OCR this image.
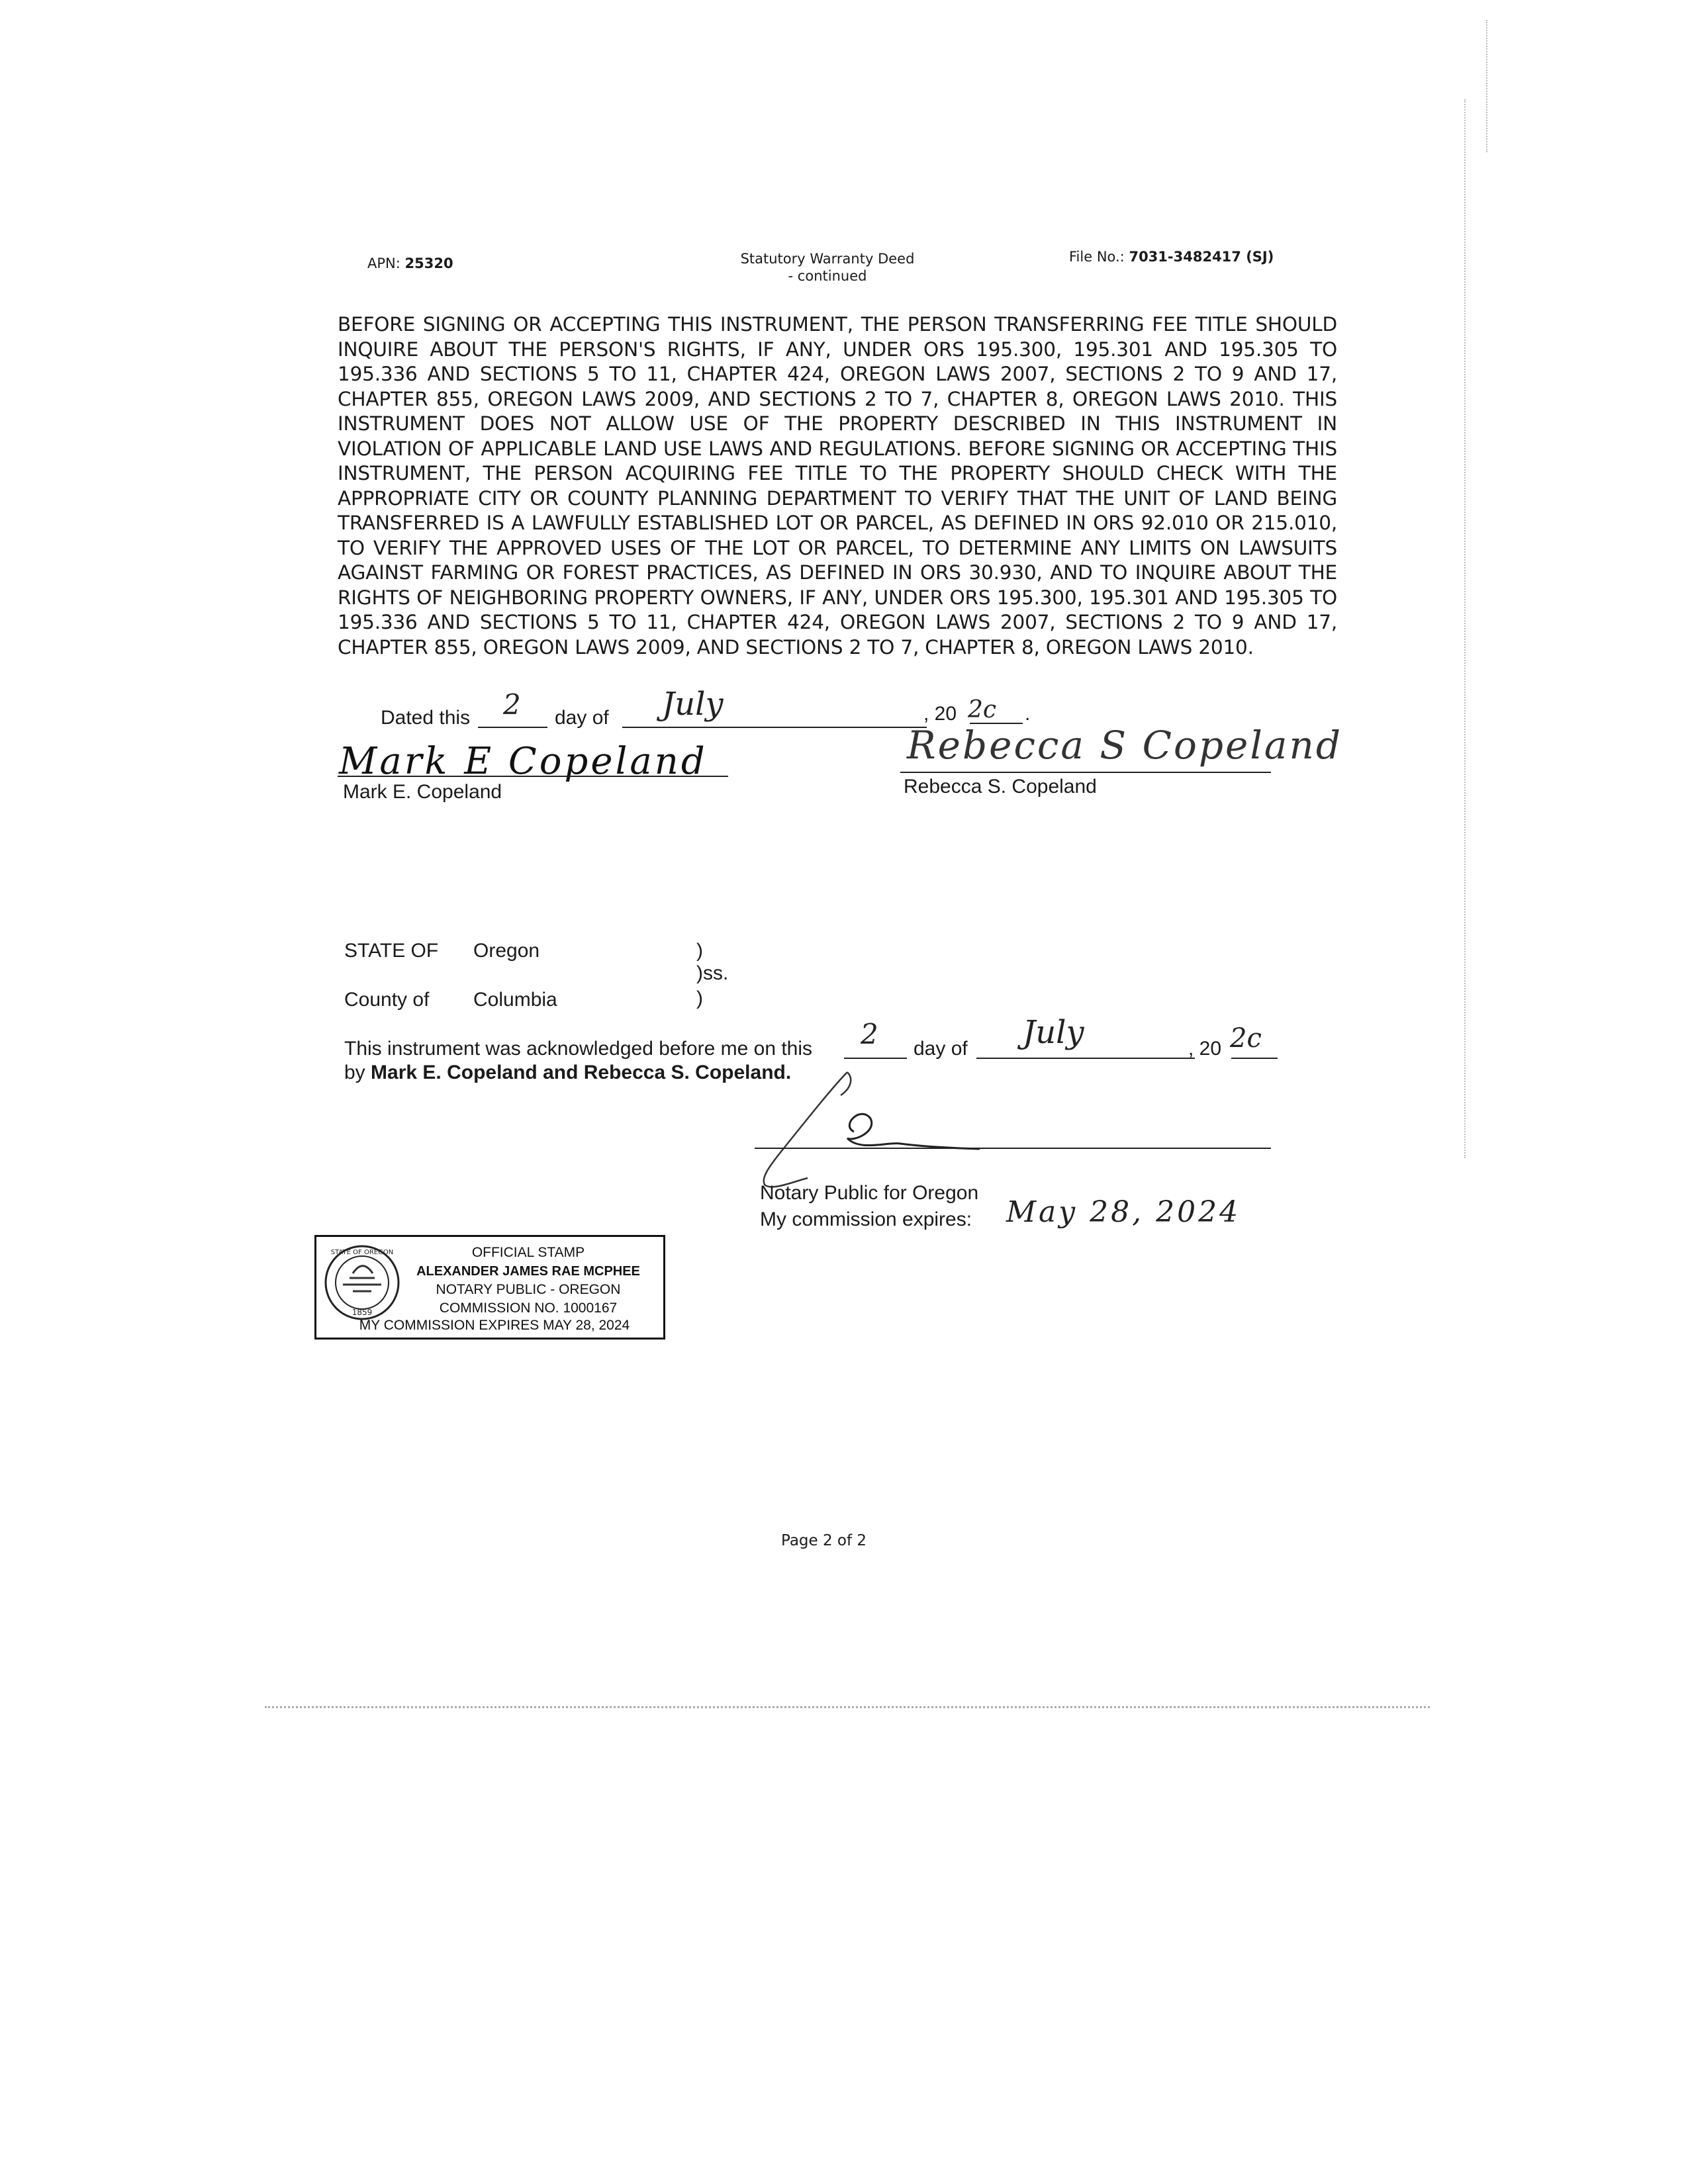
APN: 25320	Statutory Warranty Deed
- continued
File No.: 7031-3482417 (SJ)
BEFORE SIGNING OR ACCEPTING THIS INSTRUMENT, THE PERSON TRANSFERRING FEE TITLE SHOULD INQUIRE ABOUT THE PERSON'S RIGHTS, IF ANY, UNDER ORS 195.300, 195.301 AND 195.305 TO 195.336 AND SECTIONS 5 TO 11, CHAPTER 424, OREGON LAWS 2007, SECTIONS 2 TO 9 AND 17, CHAPTER 855, OREGON LAWS 2009, AND SECTIONS 2 TO 7, CHAPTER 8, OREGON LAWS 2010. THIS INSTRUMENT DOES NOT ALLOW USE OF THE PROPERTY DESCRIBED IN THIS INSTRUMENT IN VIOLATION OF APPLICABLE LAND USE LAWS AND REGULATIONS. BEFORE SIGNING OR ACCEPTING THIS INSTRUMENT, THE PERSON ACQUIRING FEE TITLE TO THE PROPERTY SHOULD CHECK WITH THE APPROPRIATE CITY OR COUNTY PLANNING DEPARTMENT TO VERIFY THAT THE UNIT OF LAND BEING TRANSFERRED IS A LAWFULLY ESTABLISHED LOT OR PARCEL, AS DEFINED IN ORS 92.010 OR 215.010, TO VERIFY THE APPROVED USES OF THE LOT OR PARCEL, TO DETERMINE ANY LIMITS ON LAWSUITS AGAINST FARMING OR FOREST PRACTICES, AS DEFINED IN ORS 30.930, AND TO INQUIRE ABOUT THE RIGHTS OF NEIGHBORING PROPERTY OWNERS, IF ANY, UNDER ORS 195.300, 195.301 AND 195.305 TO 195.336 AND SECTIONS 5 TO 11, CHAPTER 424, OREGON LAWS 2007, SECTIONS 2 TO 9 AND 17, CHAPTER 855, OREGON LAWS 2009, AND SECTIONS 2 TO 7, CHAPTER 8, OREGON LAWS 2010.
Dated this 2 day of July	, 20 2c .
Mark E Copeland
Mark E. Copeland
Rebecca S Copeland
Rebecca S. Copeland
STATE OF Oregon	)
)ss.
County of Columbia	)
This instrument was acknowledged before me on this 2 day of July	, 20 2c
by Mark E. Copeland and Rebecca S. Copeland.
Notary Public for Oregon
My commission expires: May 28, 2024
1859
STATE OF OREGON	OFFICIAL STAMP
ALEXANDER JAMES RAE MCPHEE
NOTARY PUBLIC - OREGON
COMMISSION NO. 1000167
MY COMMISSION EXPIRES MAY 28, 2024
Page 2 of 2
